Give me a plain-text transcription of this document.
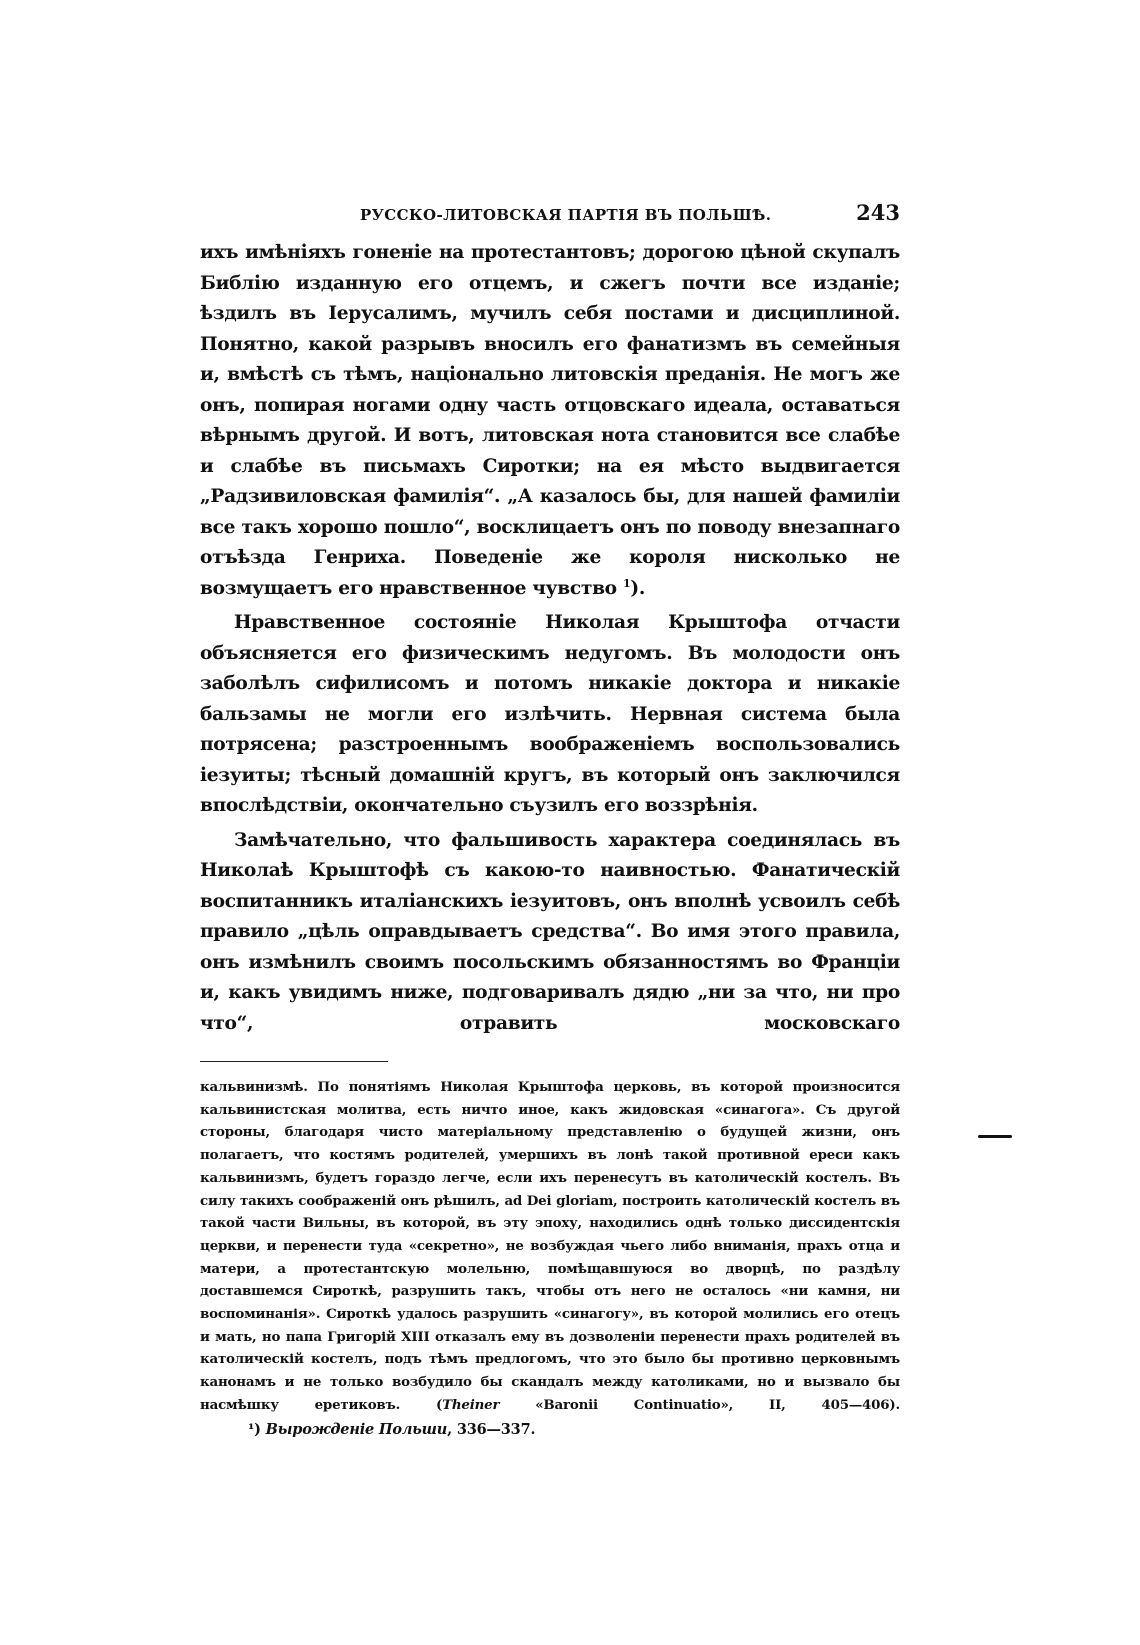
РУССКО-ЛИТОВСКАЯ ПАРТІЯ ВЪ ПОЛЬШѢ.	243

ихъ имѣніяхъ гоненіе на протестантовъ; дорогою цѣной скупалъ Библію изданную его отцемъ, и сжегъ почти все изданіе; ѣздилъ въ Іерусалимъ, мучилъ себя постами и дисциплиной. Понятно, какой разрывъ вносилъ его фанатизмъ въ семейныя и, вмѣстѣ съ тѣмъ, національно литовскія преданія. Не могъ же онъ, попирая ногами одну часть отцовскаго идеала, оставаться вѣрнымъ другой. И вотъ, литовская нота становится все слабѣе и слабѣе въ письмахъ Сиротки; на ея мѣсто выдвигается „Радзивиловская фамилія“. „А казалось бы, для нашей фамиліи все такъ хорошо пошло“, восклицаетъ онъ по поводу внезапнаго отъѣзда Генриха. Поведеніе же короля нисколько не возмущаетъ его нравственное чувство $^1$).

Нравственное состояніе Николая Крыштофа отчасти объясняется его физическимъ недугомъ. Въ молодости онъ заболѣлъ сифилисомъ и потомъ никакіе доктора и никакіе бальзамы не могли его излѣчить. Нервная система была потрясена; разстроеннымъ воображеніемъ воспользовались іезуиты; тѣсный домашній кругъ, въ который онъ заключился впослѣдствіи, окончательно съузилъ его воззрѣнія.

Замѣчательно, что фальшивость характера соединялась въ Николаѣ Крыштофѣ съ какою-то наивностью. Фанатическій воспитанникъ италіанскихъ іезуитовъ, онъ вполнѣ усвоилъ себѣ правило „цѣль оправдываетъ средства“. Во имя этого правила, онъ измѣнилъ своимъ посольскимъ обязанностямъ во Франціи и, какъ увидимъ ниже, подговаривалъ дядю „ни за что, ни про что“, отравить московскаго

кальвинизмѣ. По понятіямъ Николая Крыштофа церковь, въ которой произносится кальвинистская молитва, есть ничто иное, какъ жидовская «синагога». Съ другой стороны, благодаря чисто матеріальному представленію о будущей жизни, онъ полагаетъ, что костямъ родителей, умершихъ въ лонѣ такой противной ереси какъ кальвинизмъ, будетъ гораздо легче, если ихъ перенесутъ въ католическій костелъ. Въ силу такихъ соображеній онъ рѣшилъ, ad Dei gloriam, построить католическій костелъ въ такой части Вильны, въ которой, въ эту эпоху, находились однѣ только диссидентскія церкви, и перенести туда «секретно», не возбуждая чьего либо вниманія, прахъ отца и матери, а протестантскую молельню, помѣщавшуюся во дворцѣ, по раздѣлу доставшемся Сироткѣ, разрушить такъ, чтобы отъ него не осталось «ни камня, ни воспоминанія». Сироткѣ удалось разрушить «синагогу», въ которой молились его отецъ и мать, но папа Григорій XIII отказалъ ему въ дозволеніи перенести прахъ родителей въ католическій костелъ, подъ тѣмъ предлогомъ, что это было бы противно церковнымъ канонамъ и не только возбудило бы скандалъ между католиками, но и вызвало бы насмѣшку еретиковъ.	(Theiner	«Baronii Continuatio», II, 405—406).

¹) Вырожденіе Польши, 336—337.
